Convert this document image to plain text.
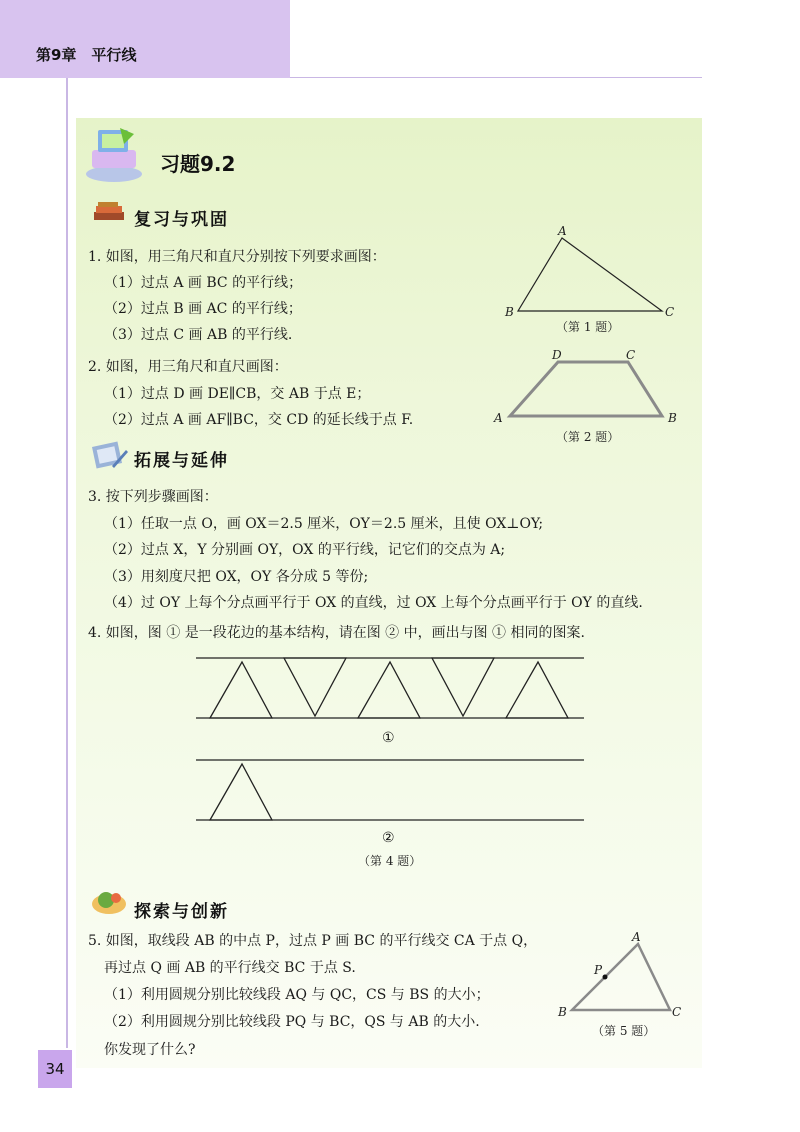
第9章　平行线
习题9.2
复习与巩固
1. 如图，用三角尺和直尺分别按下列要求画图：
（1）过点 A 画 BC 的平行线；
（2）过点 B 画 AC 的平行线；
（3）过点 C 画 AB 的平行线.
2. 如图，用三角尺和直尺画图：
（1）过点 D 画 DE∥CB，交 AB 于点 E；
（2）过点 A 画 AF∥BC，交 CD 的延长线于点 F.
A
B	C
（第 1 题）
D	C
A	B
（第 2 题）
拓展与延伸
3. 按下列步骤画图：
（1）任取一点 O，画 OX＝2.5 厘米，OY＝2.5 厘米，且使 OX⊥OY;
（2）过点 X，Y 分别画 OY，OX 的平行线，记它们的交点为 A;
（3）用刻度尺把 OX，OY 各分成 5 等份;
（4）过 OY 上每个分点画平行于 OX 的直线，过 OX 上每个分点画平行于 OY 的直线.
4. 如图，图 ① 是一段花边的基本结构，请在图 ② 中，画出与图 ① 相同的图案.
①
②
（第 4 题）
探索与创新
5. 如图，取线段 AB 的中点 P，过点 P 画 BC 的平行线交 CA 于点 Q，
再过点 Q 画 AB 的平行线交 BC 于点 S.
（1）利用圆规分别比较线段 AQ 与 QC，CS 与 BS 的大小；
（2）利用圆规分别比较线段 PQ 与 BC，QS 与 AB 的大小.
你发现了什么?
A
P
B	C
（第 5 题）
34
